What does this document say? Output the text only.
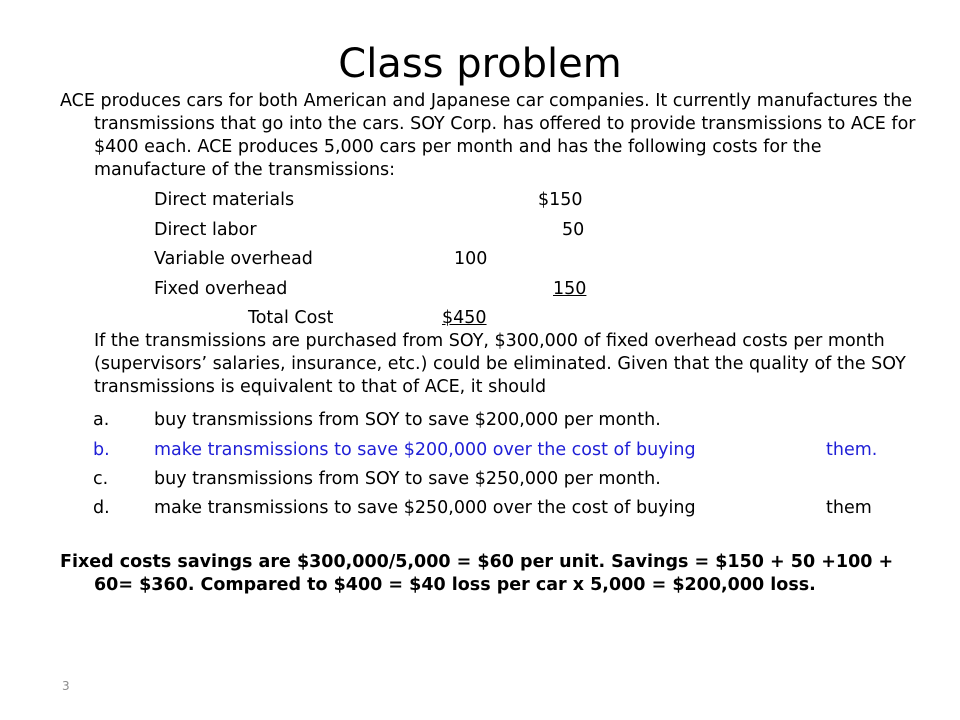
Class problem
ACE produces cars for both American and Japanese car companies. It currently manufactures the transmissions that go into the cars. SOY Corp. has offered to provide transmissions to ACE for $400 each. ACE produces 5,000 cars per month and has the following costs for the manufacture of the transmissions:
Direct materials	$150
Direct labor	50
Variable overhead	100
Fixed overhead	150
Total Cost	$450
If the transmissions are purchased from SOY, $300,000 of fixed overhead costs per month (supervisors’ salaries, insurance, etc.) could be eliminated. Given that the quality of the SOY transmissions is equivalent to that of ACE, it should
a.	buy transmissions from SOY to save $200,000 per month.
b.	make transmissions to save $200,000 over the cost of buying	them.
c.	buy transmissions from SOY to save $250,000 per month.
d.	make transmissions to save $250,000 over the cost of buying	them
Fixed costs savings are $300,000/5,000 = $60 per unit. Savings = $150 + 50 +100 + 60= $360. Compared to $400 = $40 loss per car x 5,000 = $200,000 loss.
3
